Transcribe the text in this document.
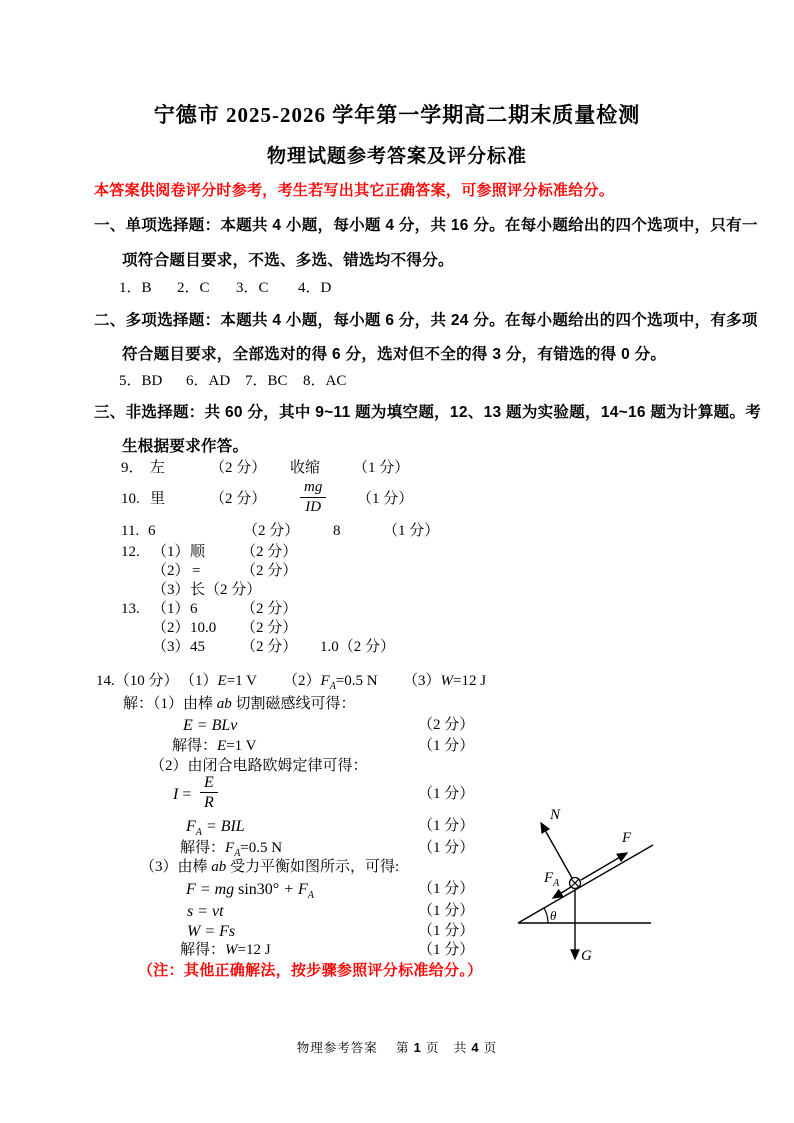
宁德市 2025-2026 学年第一学期高二期末质量检测
物理试题参考答案及评分标准
本答案供阅卷评分时参考，考生若写出其它正确答案，可参照评分标准给分。
一、单项选择题：本题共 4 小题，每小题 4 分，共 16 分。在每小题给出的四个选项中，只有一
项符合题目要求，不选、多选、错选均不得分。
1．B 2．C 3．C 4．D
二、多项选择题：本题共 4 小题，每小题 6 分，共 24 分。在每小题给出的四个选项中，有多项
符合题目要求，全部选对的得 6 分，选对但不全的得 3 分，有错选的得 0 分。
5．BD 6．AD 7．BC 8．AC
三、非选择题：共 60 分，其中 9~11 题为填空题，12、13 题为实验题，14~16 题为计算题。考
生根据要求作答。
9． 左	（2 分） 收缩 （1 分）
10. 里	（2 分） $\frac{mg}{ID} (1$ 分）
11. 6	（2 分） 8	（1 分）
12. （1） 顺 （2 分）
（2） =	（2 分）
（3） 长（2 分）
13. （1） 6	（2 分）
（2） 10.0 （2 分）
（3） 45 （2 分） 1.0（2 分）
14.（10 分） （1）E=1 V $(2)F_A=0.5$ N （3）W=12 J
解：（1）由棒 ab 切割磁感线可得：
E = BLv	（2 分）
解得：E=1 V	（1 分）
（2）由闭合电路欧姆定律可得：
$I = \frac{E}{R}$	（1 分）
$F_A$ = BIL	（1 分）
解得：$F_A=0.5$ N	（1 分）
（3）由棒 ab 受力平衡如图所示，可得:
F = mg $\sin 30^\circ + F_A$	（1 分）
s = vt	（1 分）
W = Fs	（1 分）
解得：W=12 J	（1 分）
（注：其他正确解法，按步骤参照评分标准给分。）
θ
N
F
$F_A$
G
物理参考答案 第 1 页 共 4 页
